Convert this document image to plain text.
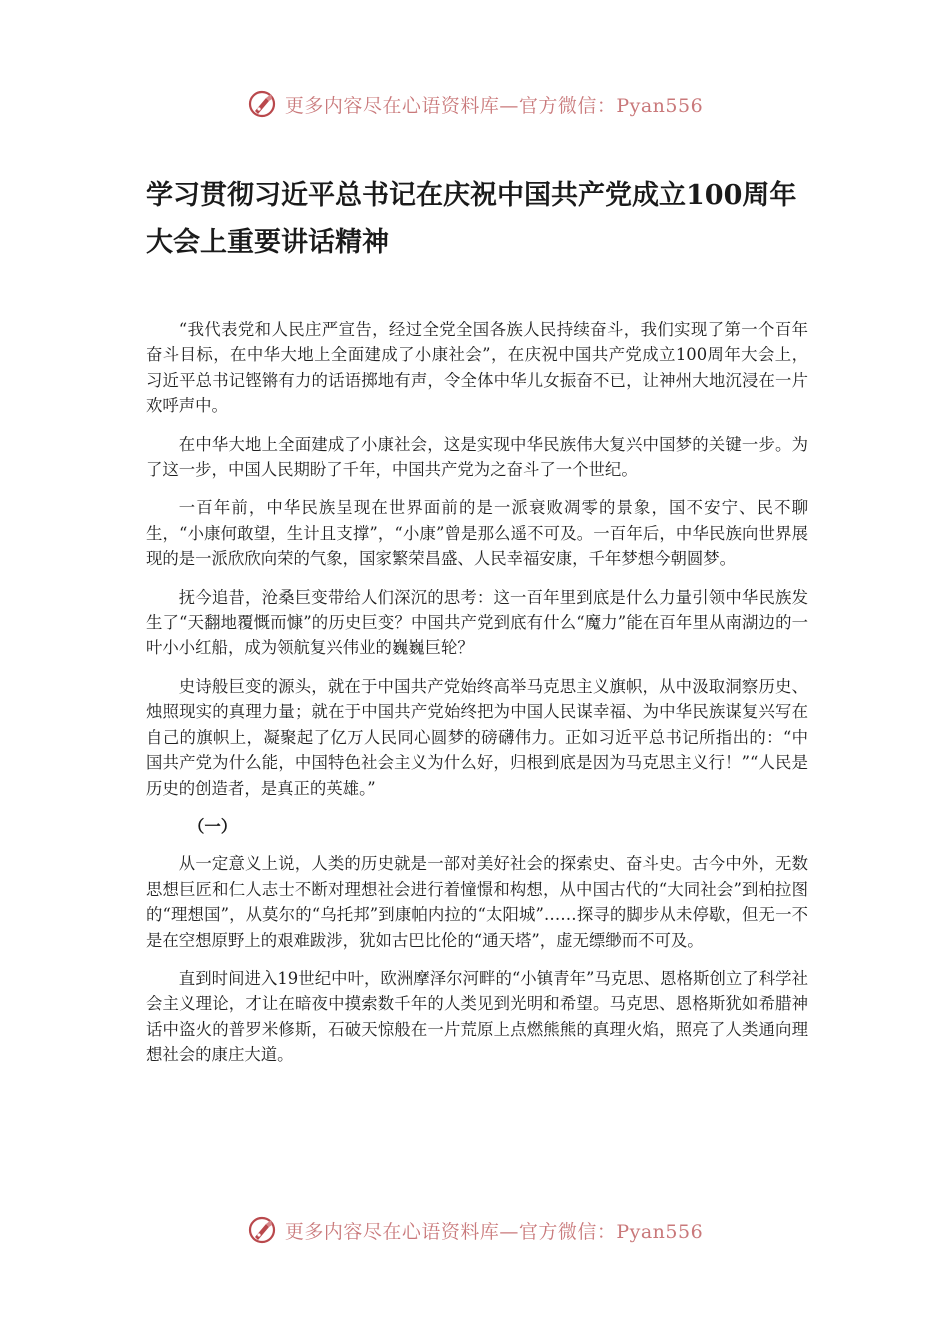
更多内容尽在心语资料库—官方微信：Pyan556
学习贯彻习近平总书记在庆祝中国共产党成立100周年大会上重要讲话精神

“我代表党和人民庄严宣告，经过全党全国各族人民持续奋斗，我们实现了第一个百年奋斗目标，在中华大地上全面建成了小康社会”，在庆祝中国共产党成立100周年大会上，习近平总书记铿锵有力的话语掷地有声，令全体中华儿女振奋不已，让神州大地沉浸在一片欢呼声中。

在中华大地上全面建成了小康社会，这是实现中华民族伟大复兴中国梦的关键一步。为了这一步，中国人民期盼了千年，中国共产党为之奋斗了一个世纪。

一百年前，中华民族呈现在世界面前的是一派衰败凋零的景象，国不安宁、民不聊生，“小康何敢望，生计且支撑”，“小康”曾是那么遥不可及。一百年后，中华民族向世界展现的是一派欣欣向荣的气象，国家繁荣昌盛、人民幸福安康，千年梦想今朝圆梦。

抚今追昔，沧桑巨变带给人们深沉的思考：这一百年里到底是什么力量引领中华民族发生了“天翻地覆慨而慷”的历史巨变？中国共产党到底有什么“魔力”能在百年里从南湖边的一叶小小红船，成为领航复兴伟业的巍巍巨轮？

史诗般巨变的源头，就在于中国共产党始终高举马克思主义旗帜，从中汲取洞察历史、烛照现实的真理力量；就在于中国共产党始终把为中国人民谋幸福、为中华民族谋复兴写在自己的旗帜上，凝聚起了亿万人民同心圆梦的磅礴伟力。正如习近平总书记所指出的：“中国共产党为什么能，中国特色社会主义为什么好，归根到底是因为马克思主义行！”“人民是历史的创造者，是真正的英雄。”

（一）

从一定意义上说，人类的历史就是一部对美好社会的探索史、奋斗史。古今中外，无数思想巨匠和仁人志士不断对理想社会进行着憧憬和构想，从中国古代的“大同社会”到柏拉图的“理想国”，从莫尔的“乌托邦”到康帕内拉的“太阳城”……探寻的脚步从未停歇，但无一不是在空想原野上的艰难跋涉，犹如古巴比伦的“通天塔”，虚无缥缈而不可及。

直到时间进入19世纪中叶，欧洲摩泽尔河畔的“小镇青年”马克思、恩格斯创立了科学社会主义理论，才让在暗夜中摸索数千年的人类见到光明和希望。马克思、恩格斯犹如希腊神话中盗火的普罗米修斯，石破天惊般在一片荒原上点燃熊熊的真理火焰，照亮了人类通向理想社会的康庄大道。

更多内容尽在心语资料库—官方微信：Pyan556
